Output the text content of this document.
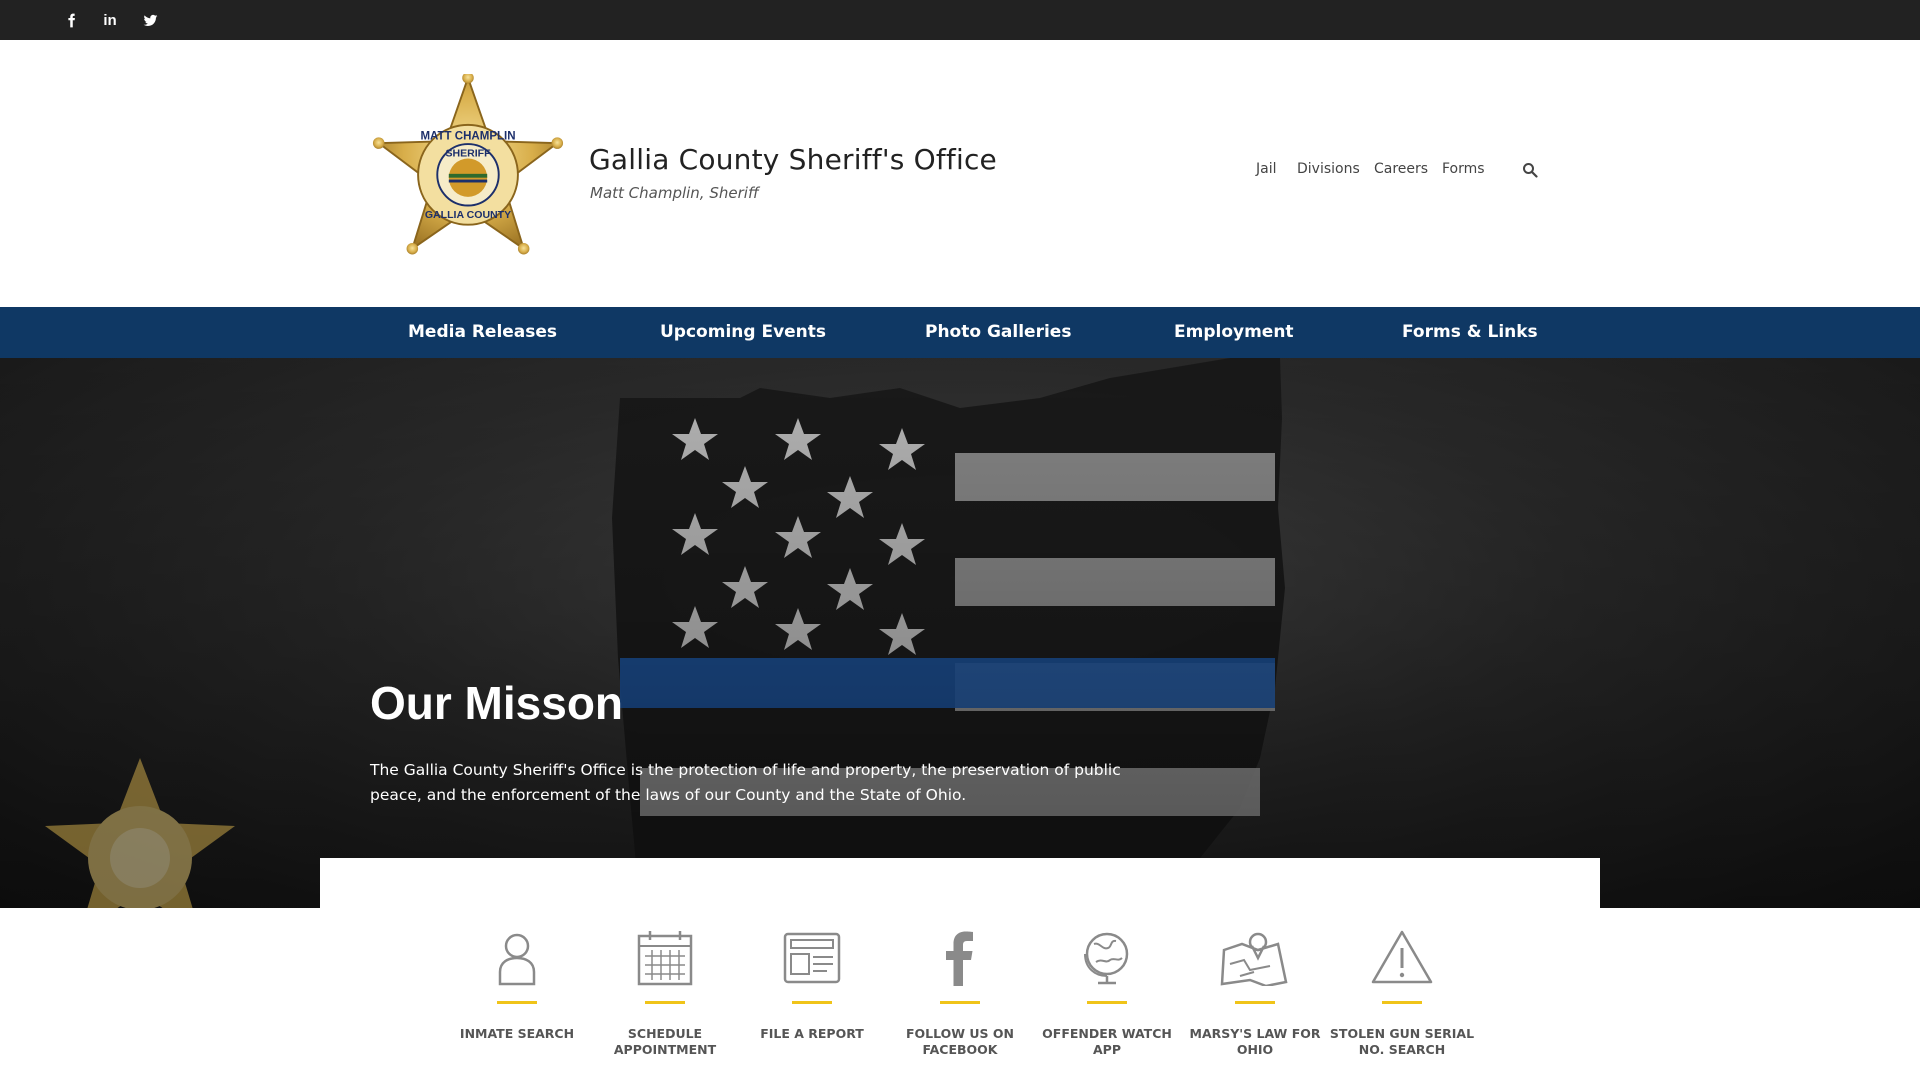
in
MATT CHAMPLIN
SHERIFF
GALLIA COUNTY
Gallia County Sheriff's Office
Matt Champlin, Sheriff
Jail Divisions Careers Forms
Media Releases	Upcoming Events	Photo Galleries	Employment	Forms & Links
Our Misson
The Gallia County Sheriff's Office is the protection of life and property, the preservation of public peace, and the enforcement of the laws of our County and the State of Ohio.
INMATE SEARCH	SCHEDULE APPOINTMENT
FILE A REPORT	FOLLOW US ON FACEBOOK
OFFENDER WATCH APP
MARSY'S LAW FOR OHIO
STOLEN GUN SERIAL NO. SEARCH
